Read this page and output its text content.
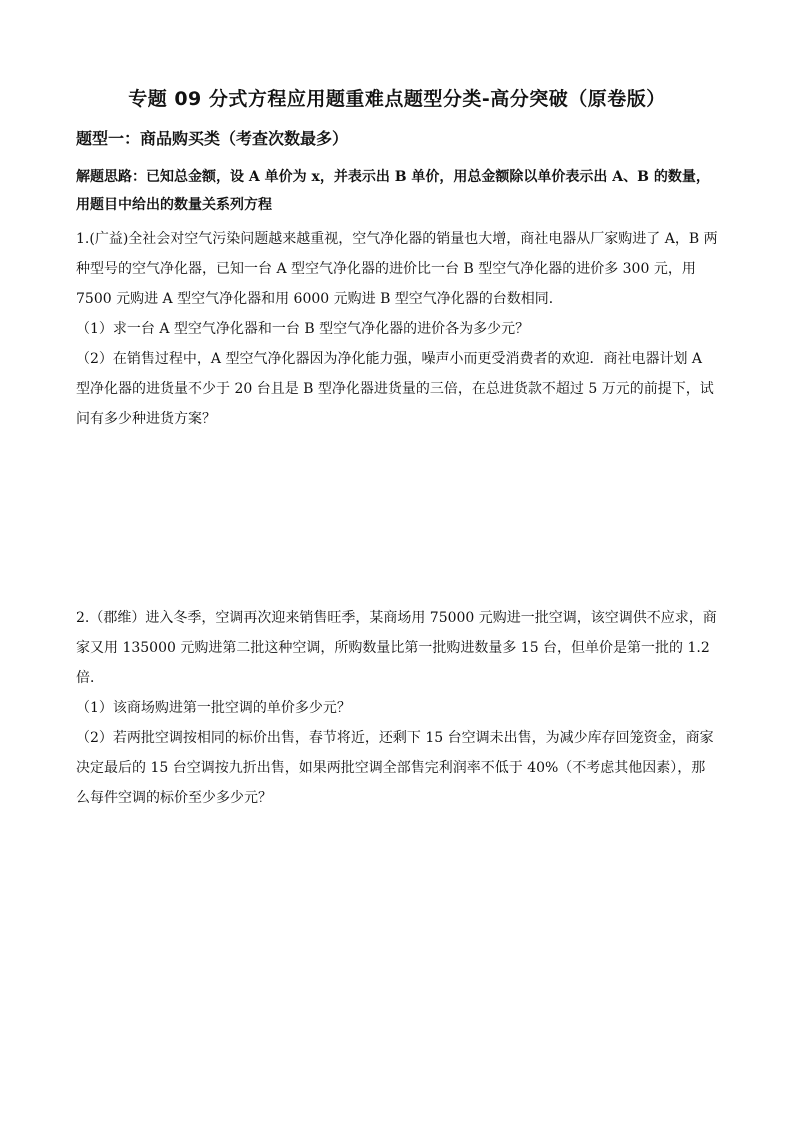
专题 09 分式方程应用题重难点题型分类-高分突破（原卷版）
题型一：商品购买类（考查次数最多）
解题思路：已知总金额，设 A 单价为 x，并表示出 B 单价，用总金额除以单价表示出 A、B 的数量，用题目中给出的数量关系列方程

1.(广益)全社会对空气污染问题越来越重视，空气净化器的销量也大增，商社电器从厂家购进了 A，B 两种型号的空气净化器，已知一台 A 型空气净化器的进价比一台 B 型空气净化器的进价多 300 元，用 7500 元购进 A 型空气净化器和用 6000 元购进 B 型空气净化器的台数相同．

（1）求一台 A 型空气净化器和一台 B 型空气净化器的进价各为多少元？

（2）在销售过程中，A 型空气净化器因为净化能力强，噪声小而更受消费者的欢迎．商社电器计划 A 型净化器的进货量不少于 20 台且是 B 型净化器进货量的三倍，在总进货款不超过 5 万元的前提下，试问有多少种进货方案？

2.（郡维）进入冬季，空调再次迎来销售旺季，某商场用 75000 元购进一批空调，该空调供不应求，商家又用 135000 元购进第二批这种空调，所购数量比第一批购进数量多 15 台，但单价是第一批的 1.2 倍．

（1）该商场购进第一批空调的单价多少元？

（2）若两批空调按相同的标价出售，春节将近，还剩下 15 台空调未出售，为减少库存回笼资金，商家决定最后的 15 台空调按九折出售，如果两批空调全部售完利润率不低于 40%（不考虑其他因素），那么每件空调的标价至少多少元？
